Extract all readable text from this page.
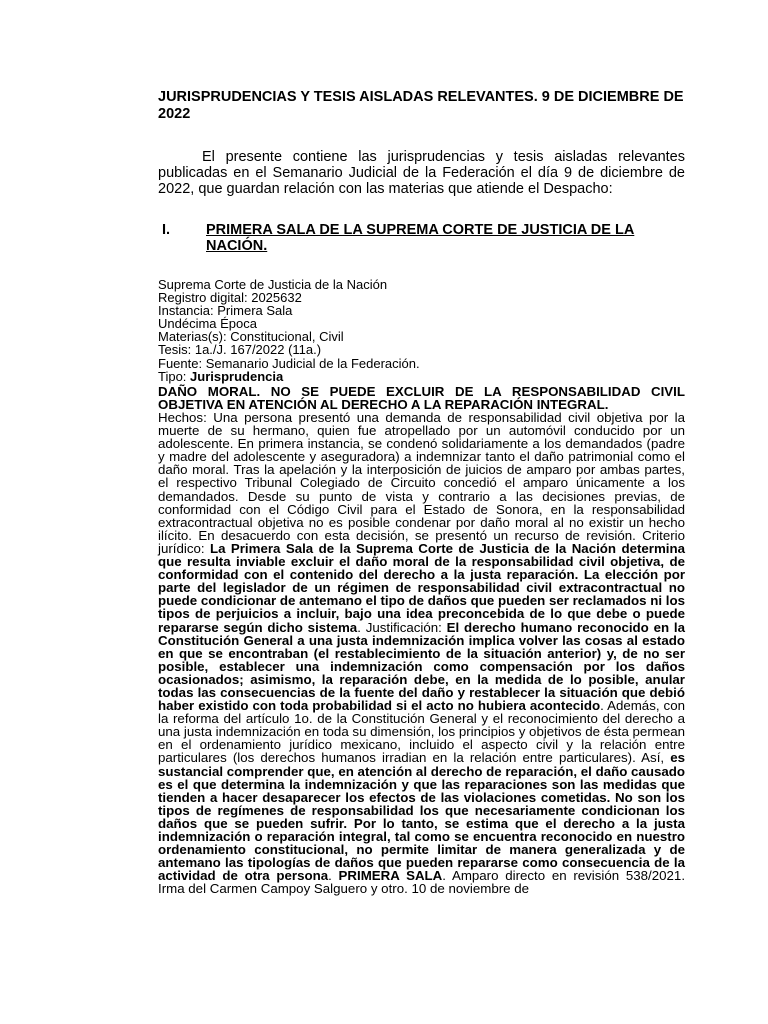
JURISPRUDENCIAS Y TESIS AISLADAS RELEVANTES. 9 DE DICIEMBRE DE 2022

El presente contiene las jurisprudencias y tesis aisladas relevantes publicadas en el Semanario Judicial de la Federación el día 9 de diciembre de 2022, que guardan relación con las materias que atiende el Despacho:

I. PRIMERA SALA DE LA SUPREMA CORTE DE JUSTICIA DE LA NACIÓN.
Suprema Corte de Justicia de la Nación
Registro digital: 2025632
Instancia: Primera Sala
Undécima Época
Materias(s): Constitucional, Civil
Tesis: 1a./J. 167/2022 (11a.)
Fuente: Semanario Judicial de la Federación.
Tipo: Jurisprudencia

DAÑO MORAL. NO SE PUEDE EXCLUIR DE LA RESPONSABILIDAD CIVIL OBJETIVA EN ATENCIÓN AL DERECHO A LA REPARACIÓN INTEGRAL.

Hechos: Una persona presentó una demanda de responsabilidad civil objetiva por la muerte de su hermano, quien fue atropellado por un automóvil conducido por un adolescente. En primera instancia, se condenó solidariamente a los demandados (padre y madre del adolescente y aseguradora) a indemnizar tanto el daño patrimonial como el daño moral. Tras la apelación y la interposición de juicios de amparo por ambas partes, el respectivo Tribunal Colegiado de Circuito concedió el amparo únicamente a los demandados. Desde su punto de vista y contrario a las decisiones previas, de conformidad con el Código Civil para el Estado de Sonora, en la responsabilidad extracontractual objetiva no es posible condenar por daño moral al no existir un hecho ilícito. En desacuerdo con esta decisión, se presentó un recurso de revisión. Criterio jurídico: La Primera Sala de la Suprema Corte de Justicia de la Nación determina que resulta inviable excluir el daño moral de la responsabilidad civil objetiva, de conformidad con el contenido del derecho a la justa reparación. La elección por parte del legislador de un régimen de responsabilidad civil extracontractual no puede condicionar de antemano el tipo de daños que pueden ser reclamados ni los tipos de perjuicios a incluir, bajo una idea preconcebida de lo que debe o puede repararse según dicho sistema. Justificación: El derecho humano reconocido en la Constitución General a una justa indemnización implica volver las cosas al estado en que se encontraban (el restablecimiento de la situación anterior) y, de no ser posible, establecer una indemnización como compensación por los daños ocasionados; asimismo, la reparación debe, en la medida de lo posible, anular todas las consecuencias de la fuente del daño y restablecer la situación que debió haber existido con toda probabilidad si el acto no hubiera acontecido. Además, con la reforma del artículo 1o. de la Constitución General y el reconocimiento del derecho a una justa indemnización en toda su dimensión, los principios y objetivos de ésta permean en el ordenamiento jurídico mexicano, incluido el aspecto civil y la relación entre particulares (los derechos humanos irradian en la relación entre particulares). Así, es sustancial comprender que, en atención al derecho de reparación, el daño causado es el que determina la indemnización y que las reparaciones son las medidas que tienden a hacer desaparecer los efectos de las violaciones cometidas. No son los tipos de regímenes de responsabilidad los que necesariamente condicionan los daños que se pueden sufrir. Por lo tanto, se estima que el derecho a la justa indemnización o reparación integral, tal como se encuentra reconocido en nuestro ordenamiento constitucional, no permite limitar de manera generalizada y de antemano las tipologías de daños que pueden repararse como consecuencia de la actividad de otra persona. PRIMERA SALA. Amparo directo en revisión 538/2021. Irma del Carmen Campoy Salguero y otro. 10 de noviembre de
